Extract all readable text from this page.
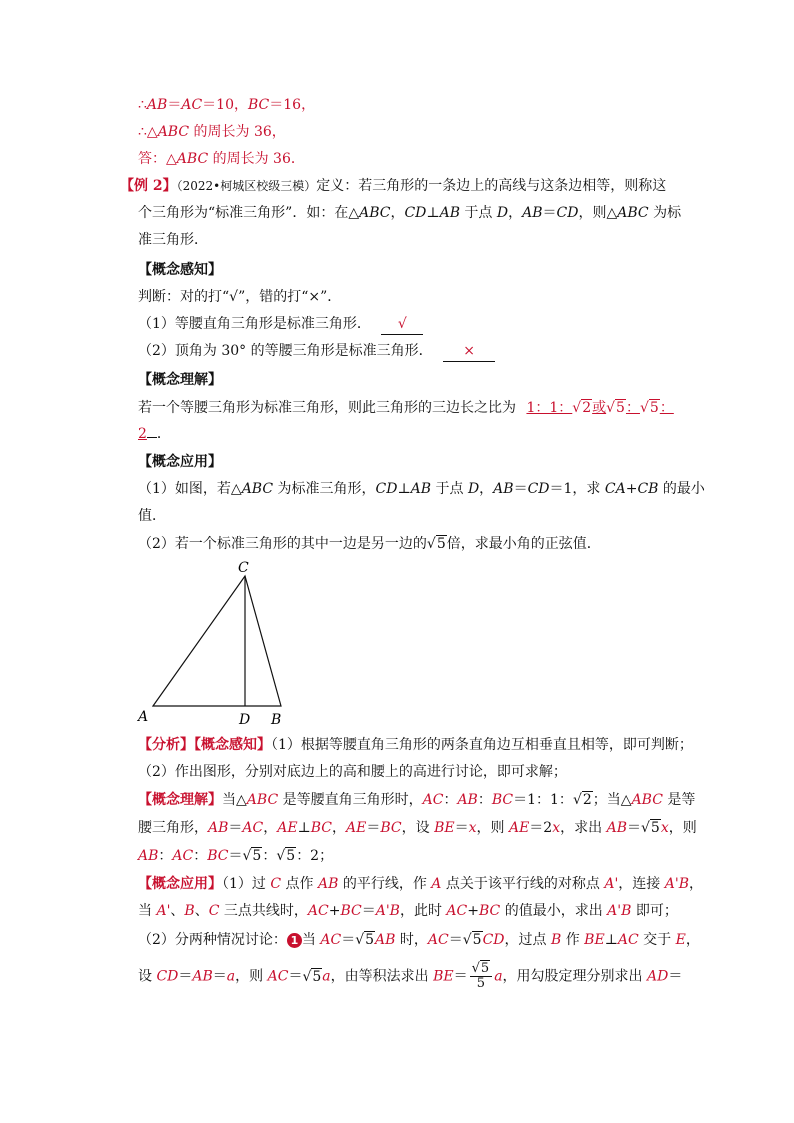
∴AB＝AC＝10，BC＝16，
∴△ABC 的周长为 36，
答：△ABC 的周长为 36．
【例 2】（2022•柯城区校级三模）定义：若三角形的一条边上的高线与这条边相等，则称这
个三角形为“标准三角形”．如：在△ABC，CD⊥AB 于点 D，AB＝CD，则△ABC 为标
准三角形．
【概念感知】
判断：对的打“√”，错的打“×”．
（1）等腰直角三角形是标准三角形． √
（2）顶角为 30° 的等腰三角形是标准三角形． ×
【概念理解】
若一个等腰三角形为标准三角形，则此三角形的三边长之比为 1：1：√2或√5：√5：
2 ．
【概念应用】
（1）如图，若△ABC 为标准三角形，CD⊥AB 于点 D，AB＝CD＝1，求 CA+CB 的最小
值．
（2）若一个标准三角形的其中一边是另一边的√5倍，求最小角的正弦值．
C
A	D B
【分析】【概念感知】（1）根据等腰直角三角形的两条直角边互相垂直且相等，即可判断；
（2）作出图形，分别对底边上的高和腰上的高进行讨论，即可求解；
【概念理解】当△ABC 是等腰直角三角形时，AC：AB：BC＝1：1：√2；当△ABC 是等
腰三角形，AB＝AC，AE⊥BC，AE＝BC，设 BE＝x，则 AE＝2x，求出 AB＝√5x，则
AB：AC：BC＝√5：√5：2；
【概念应用】（1）过 C 点作 AB 的平行线，作 A 点关于该平行线的对称点 A'，连接 A'B，
当 A'、B、C 三点共线时，AC+BC＝A'B，此时 AC+BC 的值最小，求出 A'B 即可；
（2）分两种情况讨论： 1 当 AC＝√5AB 时，AC＝√5CD，过点 B 作 BE⊥AC 交于 E，
设 CD＝AB＝a，则 AC＝√5a，由等积法求出 $BE= \frac{√5}{5}$ a，用勾股定理分别求出 AD＝
